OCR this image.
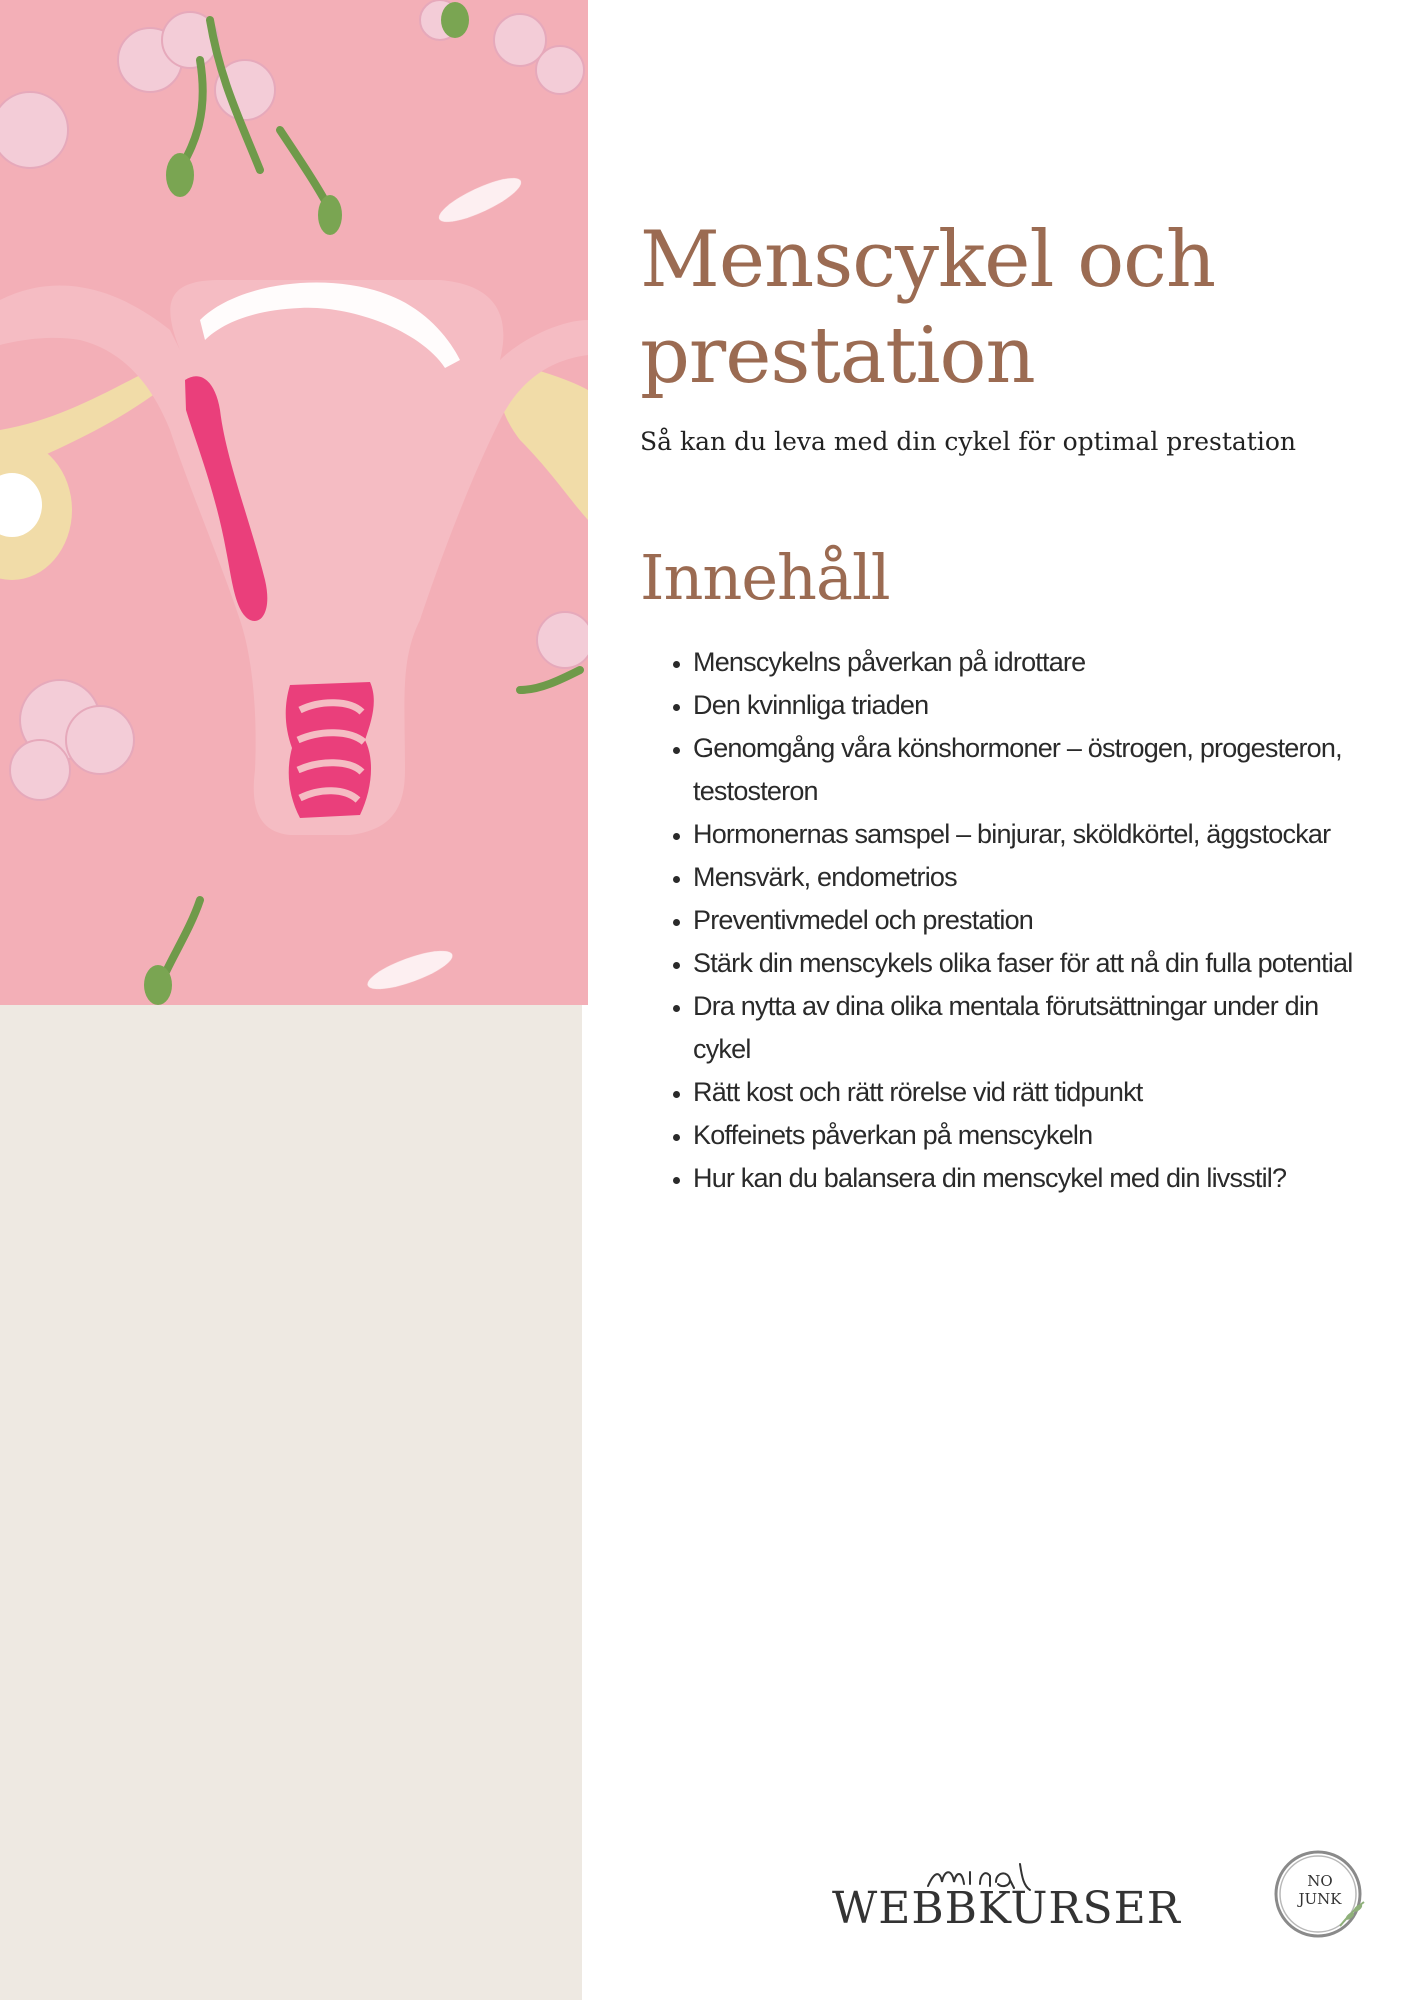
Menscykel och prestation

Så kan du leva med din cykel för optimal prestation

Innehåll
• Menscykelns påverkan på idrottare
• Den kvinnliga triaden
• Genomgång våra könshormoner – östrogen, progesteron, testosteron
• Hormonernas samspel – binjurar, sköldkörtel, äggstockar
• Mensvärk, endometrios
• Preventivmedel och prestation
• Stärk din menscykels olika faser för att nå din fulla potential
• Dra nytta av dina olika mentala förutsättningar under din cykel
• Rätt kost och rätt rörelse vid rätt tidpunkt
• Koffeinets påverkan på menscykeln
• Hur kan du balansera din menscykel med din livsstil?
mina
WEBBKURSER
NO
JUNK
